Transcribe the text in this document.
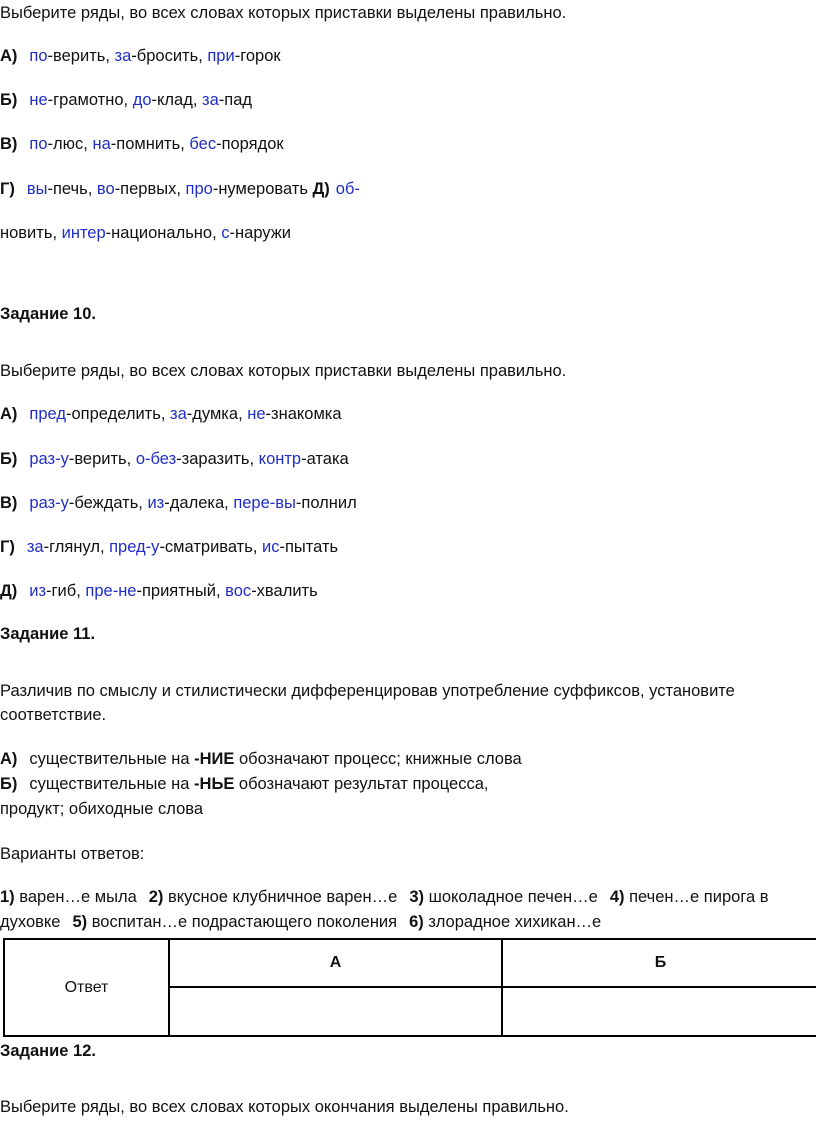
Выберите ряды, во всех словах которых приставки выделены правильно.
А) по-верить, за-бросить, при-горок
Б) не-грамотно, до-клад, за-пад
В) по-люс, на-помнить, бес-порядок
Г) вы-печь, во-первых, про-нумеровать Д) об-
новить, интер-национально, с-наружи
Задание 10.
Выберите ряды, во всех словах которых приставки выделены правильно.
А) пред-определить, за-думка, не-знакомка
Б) раз-у-верить, о-без-заразить, контр-атака
В) раз-у-беждать, из-далека, пере-вы-полнил
Г) за-глянул, пред-у-сматривать, ис-пытать
Д) из-гиб, пре-не-приятный, вос-хвалить
Задание 11.
Различив по смыслу и стилистически дифференцировав употребление суффиксов, установите
соответствие.
А) существительные на -НИЕ обозначают процесс; книжные слова
Б) существительные на -НЬЕ обозначают результат процесса,
продукт; обиходные слова
Варианты ответов:
1) варен…е мыла 2) вкусное клубничное варен…е 3) шоколадное печен…е 4) печен…е пирога в
духовке 5) воспитан…е подрастающего поколения 6) злорадное хихикан…е
Ответ	А	Б

Задание 12.
Выберите ряды, во всех словах которых окончания выделены правильно.
